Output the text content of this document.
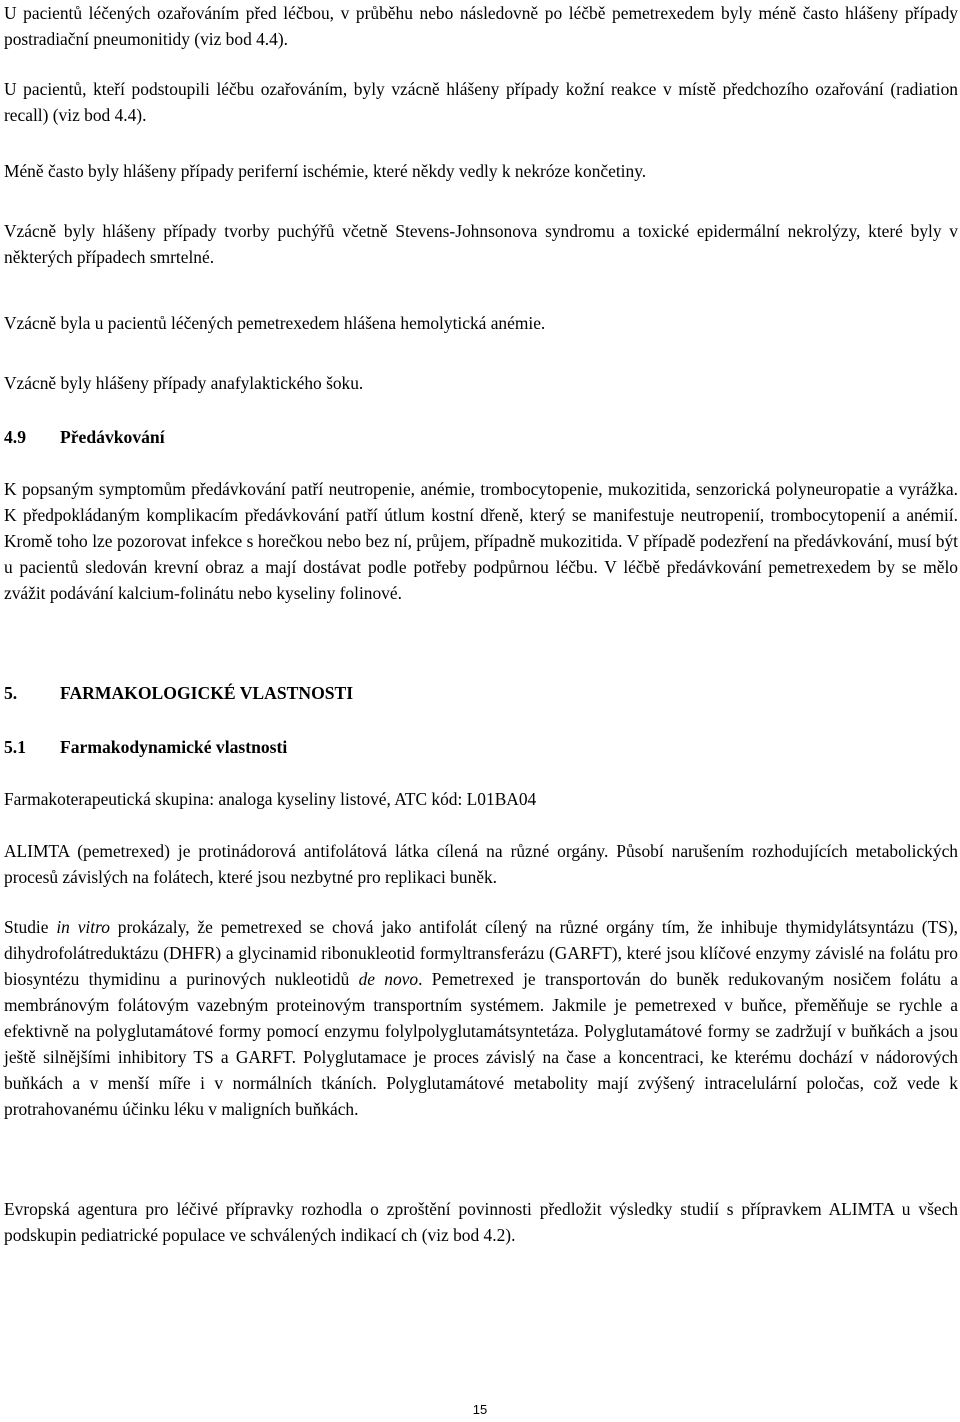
U pacientů léčených ozařováním před léčbou, v průběhu nebo následovně po léčbě pemetrexedem byly méně často hlášeny případy postradiační pneumonitidy (viz bod 4.4).

U pacientů, kteří podstoupili léčbu ozařováním, byly vzácně hlášeny případy kožní reakce v místě předchozího ozařování (radiation recall) (viz bod 4.4).

Méně často byly hlášeny případy periferní ischémie, které někdy vedly k nekróze končetiny.

Vzácně byly hlášeny případy tvorby puchýřů včetně Stevens-Johnsonova syndromu a toxické epidermální nekrolýzy, které byly v některých případech smrtelné.

Vzácně byla u pacientů léčených pemetrexedem hlášena hemolytická anémie.

Vzácně byly hlášeny případy anafylaktického šoku.

4.9 Předávkování

K popsaným symptomům předávkování patří neutropenie, anémie, trombocytopenie, mukozitida, senzorická polyneuropatie a vyrážka. K předpokládaným komplikacím předávkování patří útlum kostní dřeně, který se manifestuje neutropenií, trombocytopenií a anémií. Kromě toho lze pozorovat infekce s horečkou nebo bez ní, průjem, případně mukozitida. V případě podezření na předávkování, musí být u pacientů sledován krevní obraz a mají dostávat podle potřeby podpůrnou léčbu. V léčbě předávkování pemetrexedem by se mělo zvážit podávání kalcium-folinátu nebo kyseliny folinové.

5. FARMAKOLOGICKÉ VLASTNOSTI
5.1 Farmakodynamické vlastnosti

Farmakoterapeutická skupina: analoga kyseliny listové, ATC kód: L01BA04

ALIMTA (pemetrexed) je protinádorová antifolátová látka cílená na různé orgány. Působí narušením rozhodujících metabolických procesů závislých na folátech, které jsou nezbytné pro replikaci buněk.

Studie in vitro prokázaly, že pemetrexed se chová jako antifolát cílený na různé orgány tím, že inhibuje thymidylátsyntázu (TS), dihydrofolátreduktázu (DHFR) a glycinamid ribonukleotid formyltransferázu (GARFT), které jsou klíčové enzymy závislé na folátu pro biosyntézu thymidinu a purinových nukleotidů de novo. Pemetrexed je transportován do buněk redukovaným nosičem folátu a membránovým folátovým vazebným proteinovým transportním systémem. Jakmile je pemetrexed v buňce, přeměňuje se rychle a efektivně na polyglutamátové formy pomocí enzymu folylpolyglutamátsyntetáza. Polyglutamátové formy se zadržují v buňkách a jsou ještě silnějšími inhibitory TS a GARFT. Polyglutamace je proces závislý na čase a koncentraci, ke kterému dochází v nádorových buňkách a v menší míře i v normálních tkáních. Polyglutamátové metabolity mají zvýšený intracelulární poločas, což vede k protrahovanému účinku léku v maligních buňkách.

Evropská agentura pro léčivé přípravky rozhodla o zproštění povinnosti předložit výsledky studií s přípravkem ALIMTA u všech podskupin pediatrické populace ve schválených indikací ch (viz bod 4.2).

15
